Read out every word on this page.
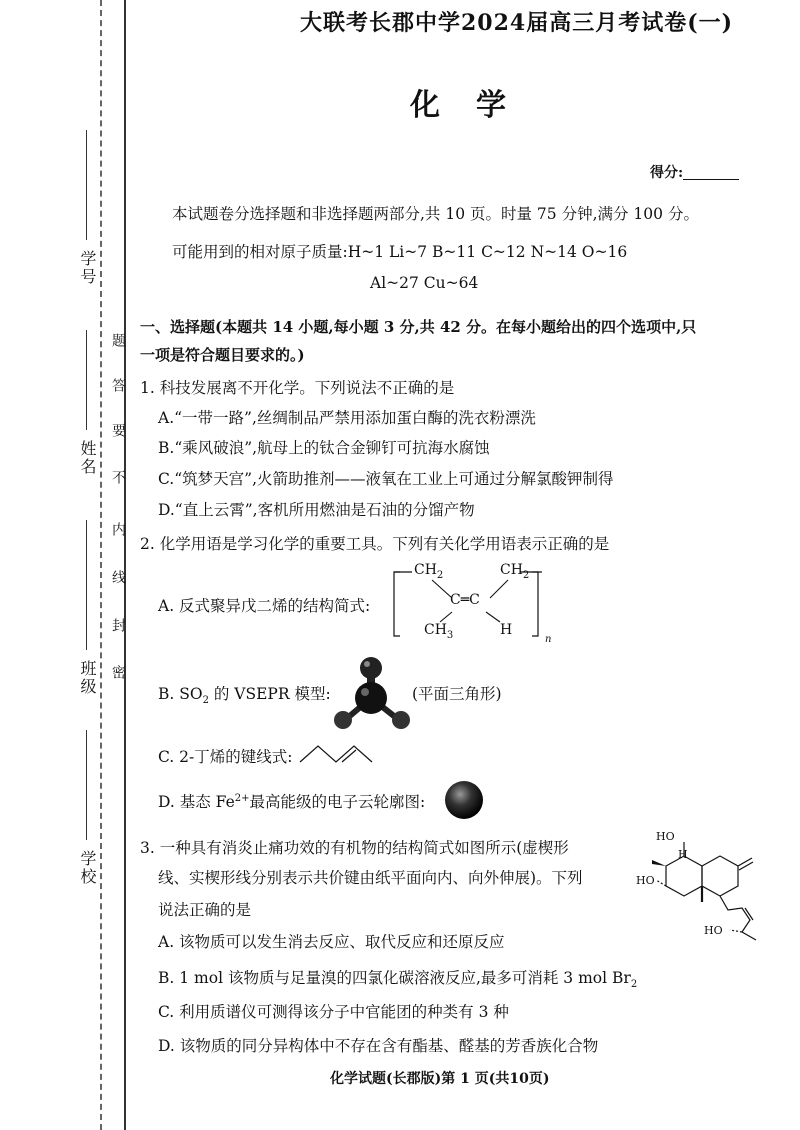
学号
姓名
班级
学校
题
答
要
不
内
线
封
密
大联考长郡中学2024届高三月考试卷(一)
化学
得分:
本试题卷分选择题和非选择题两部分,共 10 页。时量 75 分钟,满分 100 分。
可能用到的相对原子质量:H~1 Li~7 B~11 C~12 N~14 O~16
Al~27 Cu~64
一、选择题(本题共 14 小题,每小题 3 分,共 42 分。在每小题给出的四个选项中,只
一项是符合题目要求的。)
1. 科技发展离不开化学。下列说法不正确的是
A.“一带一路”,丝绸制品严禁用添加蛋白酶的洗衣粉漂洗
B.“乘风破浪”,航母上的钛合金铆钉可抗海水腐蚀
C.“筑梦天宫”,火箭助推剂——液氧在工业上可通过分解氯酸钾制得
D.“直上云霄”,客机所用燃油是石油的分馏产物
2. 化学用语是学习化学的重要工具。下列有关化学用语表示正确的是
A. 反式聚异戊二烯的结构简式:
$CH_2$	$CH_2$
C═C
$CH_3$	H
n
B. $SO_2$ 的 VSEPR 模型:	(平面三角形)
C. 2-丁烯的键线式:
D. 基态 $Fe^{2+}$最高能级的电子云轮廓图:
3. 一种具有消炎止痛功效的有机物的结构简式如图所示(虚楔形
线、实楔形线分别表示共价键由纸平面向内、向外伸展)。下列
说法正确的是
HO
H
HO
HO
A. 该物质可以发生消去反应、取代反应和还原反应
B. 1 mol 该物质与足量溴的四氯化碳溶液反应,最多可消耗 3 mol $Br_2$
C. 利用质谱仪可测得该分子中官能团的种类有 3 种
D. 该物质的同分异构体中不存在含有酯基、醛基的芳香族化合物
化学试题(长郡版)第 1 页(共10页)
